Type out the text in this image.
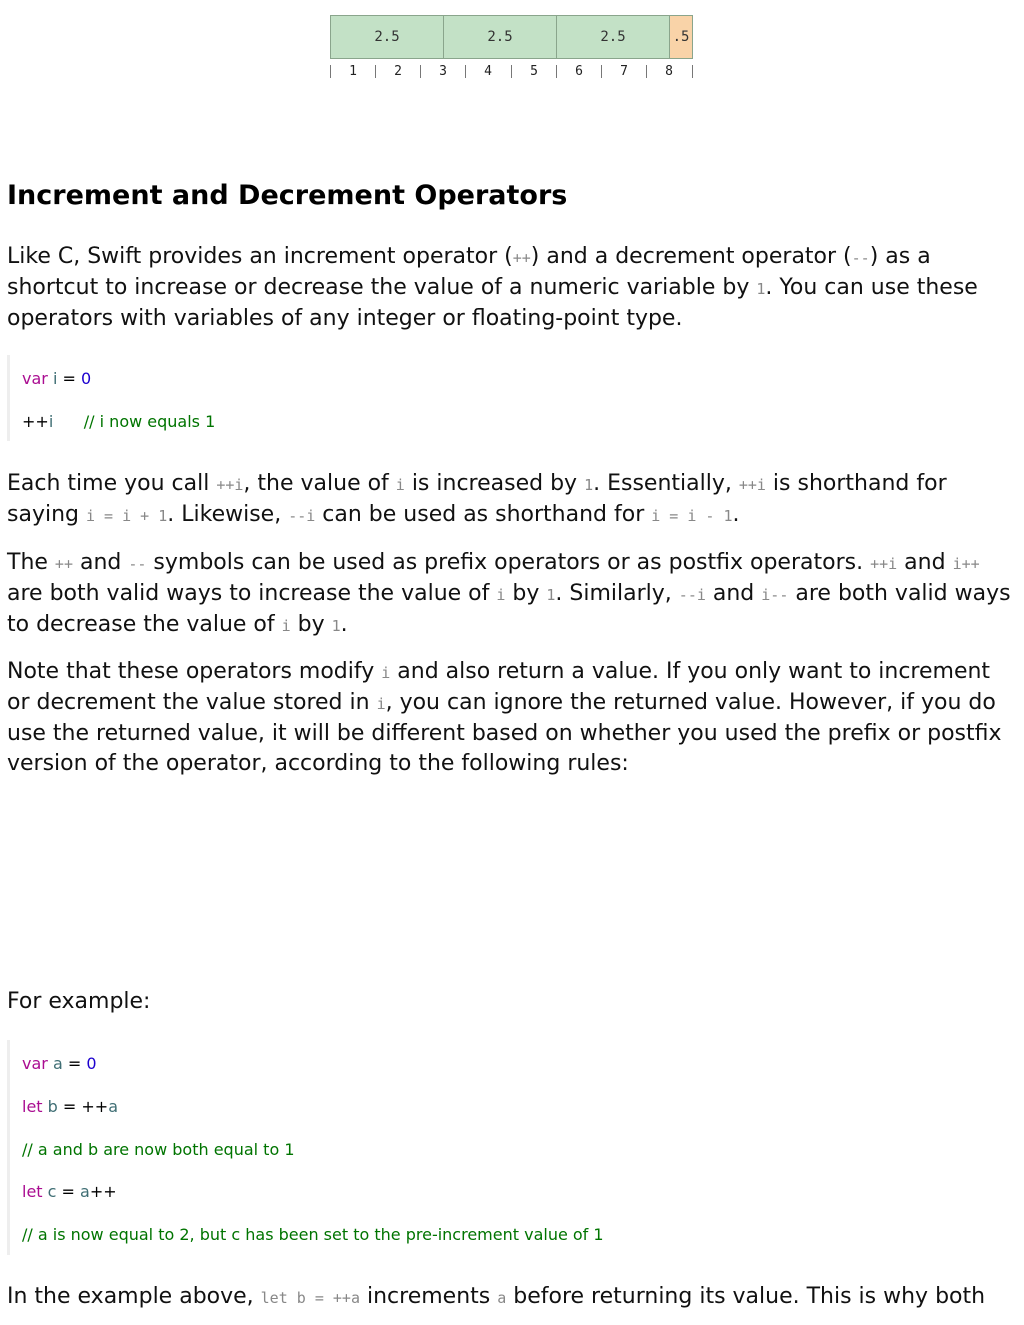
2.5	2.5	2.5	.5
1	2	3	4	5	6	7	8
Increment and Decrement Operators

Like C, Swift provides an increment operator (++) and a decrement operator (--) as a shortcut to increase or decrease the value of a numeric variable by 1. You can use these operators with variables of any integer or floating-point type.

var i = 0
++i // i now equals 1

Each time you call ++i, the value of i is increased by 1. Essentially, ++i is shorthand for saying i = i + 1. Likewise, --i can be used as shorthand for i = i - 1.

The ++ and -- symbols can be used as prefix operators or as postfix operators. ++i and i++ are both valid ways to increase the value of i by 1. Similarly, --i and i-- are both valid ways to decrease the value of i by 1.

Note that these operators modify i and also return a value. If you only want to increment or decrement the value stored in i, you can ignore the returned value. However, if you do use the returned value, it will be different based on whether you used the prefix or postfix version of the operator, according to the following rules:

For example:

var a = 0
let b = ++a
// a and b are now both equal to 1
let c = a++
// a is now equal to 2, but c has been set to the pre-increment value of 1

In the example above, let b = ++a increments a before returning its value. This is why both
